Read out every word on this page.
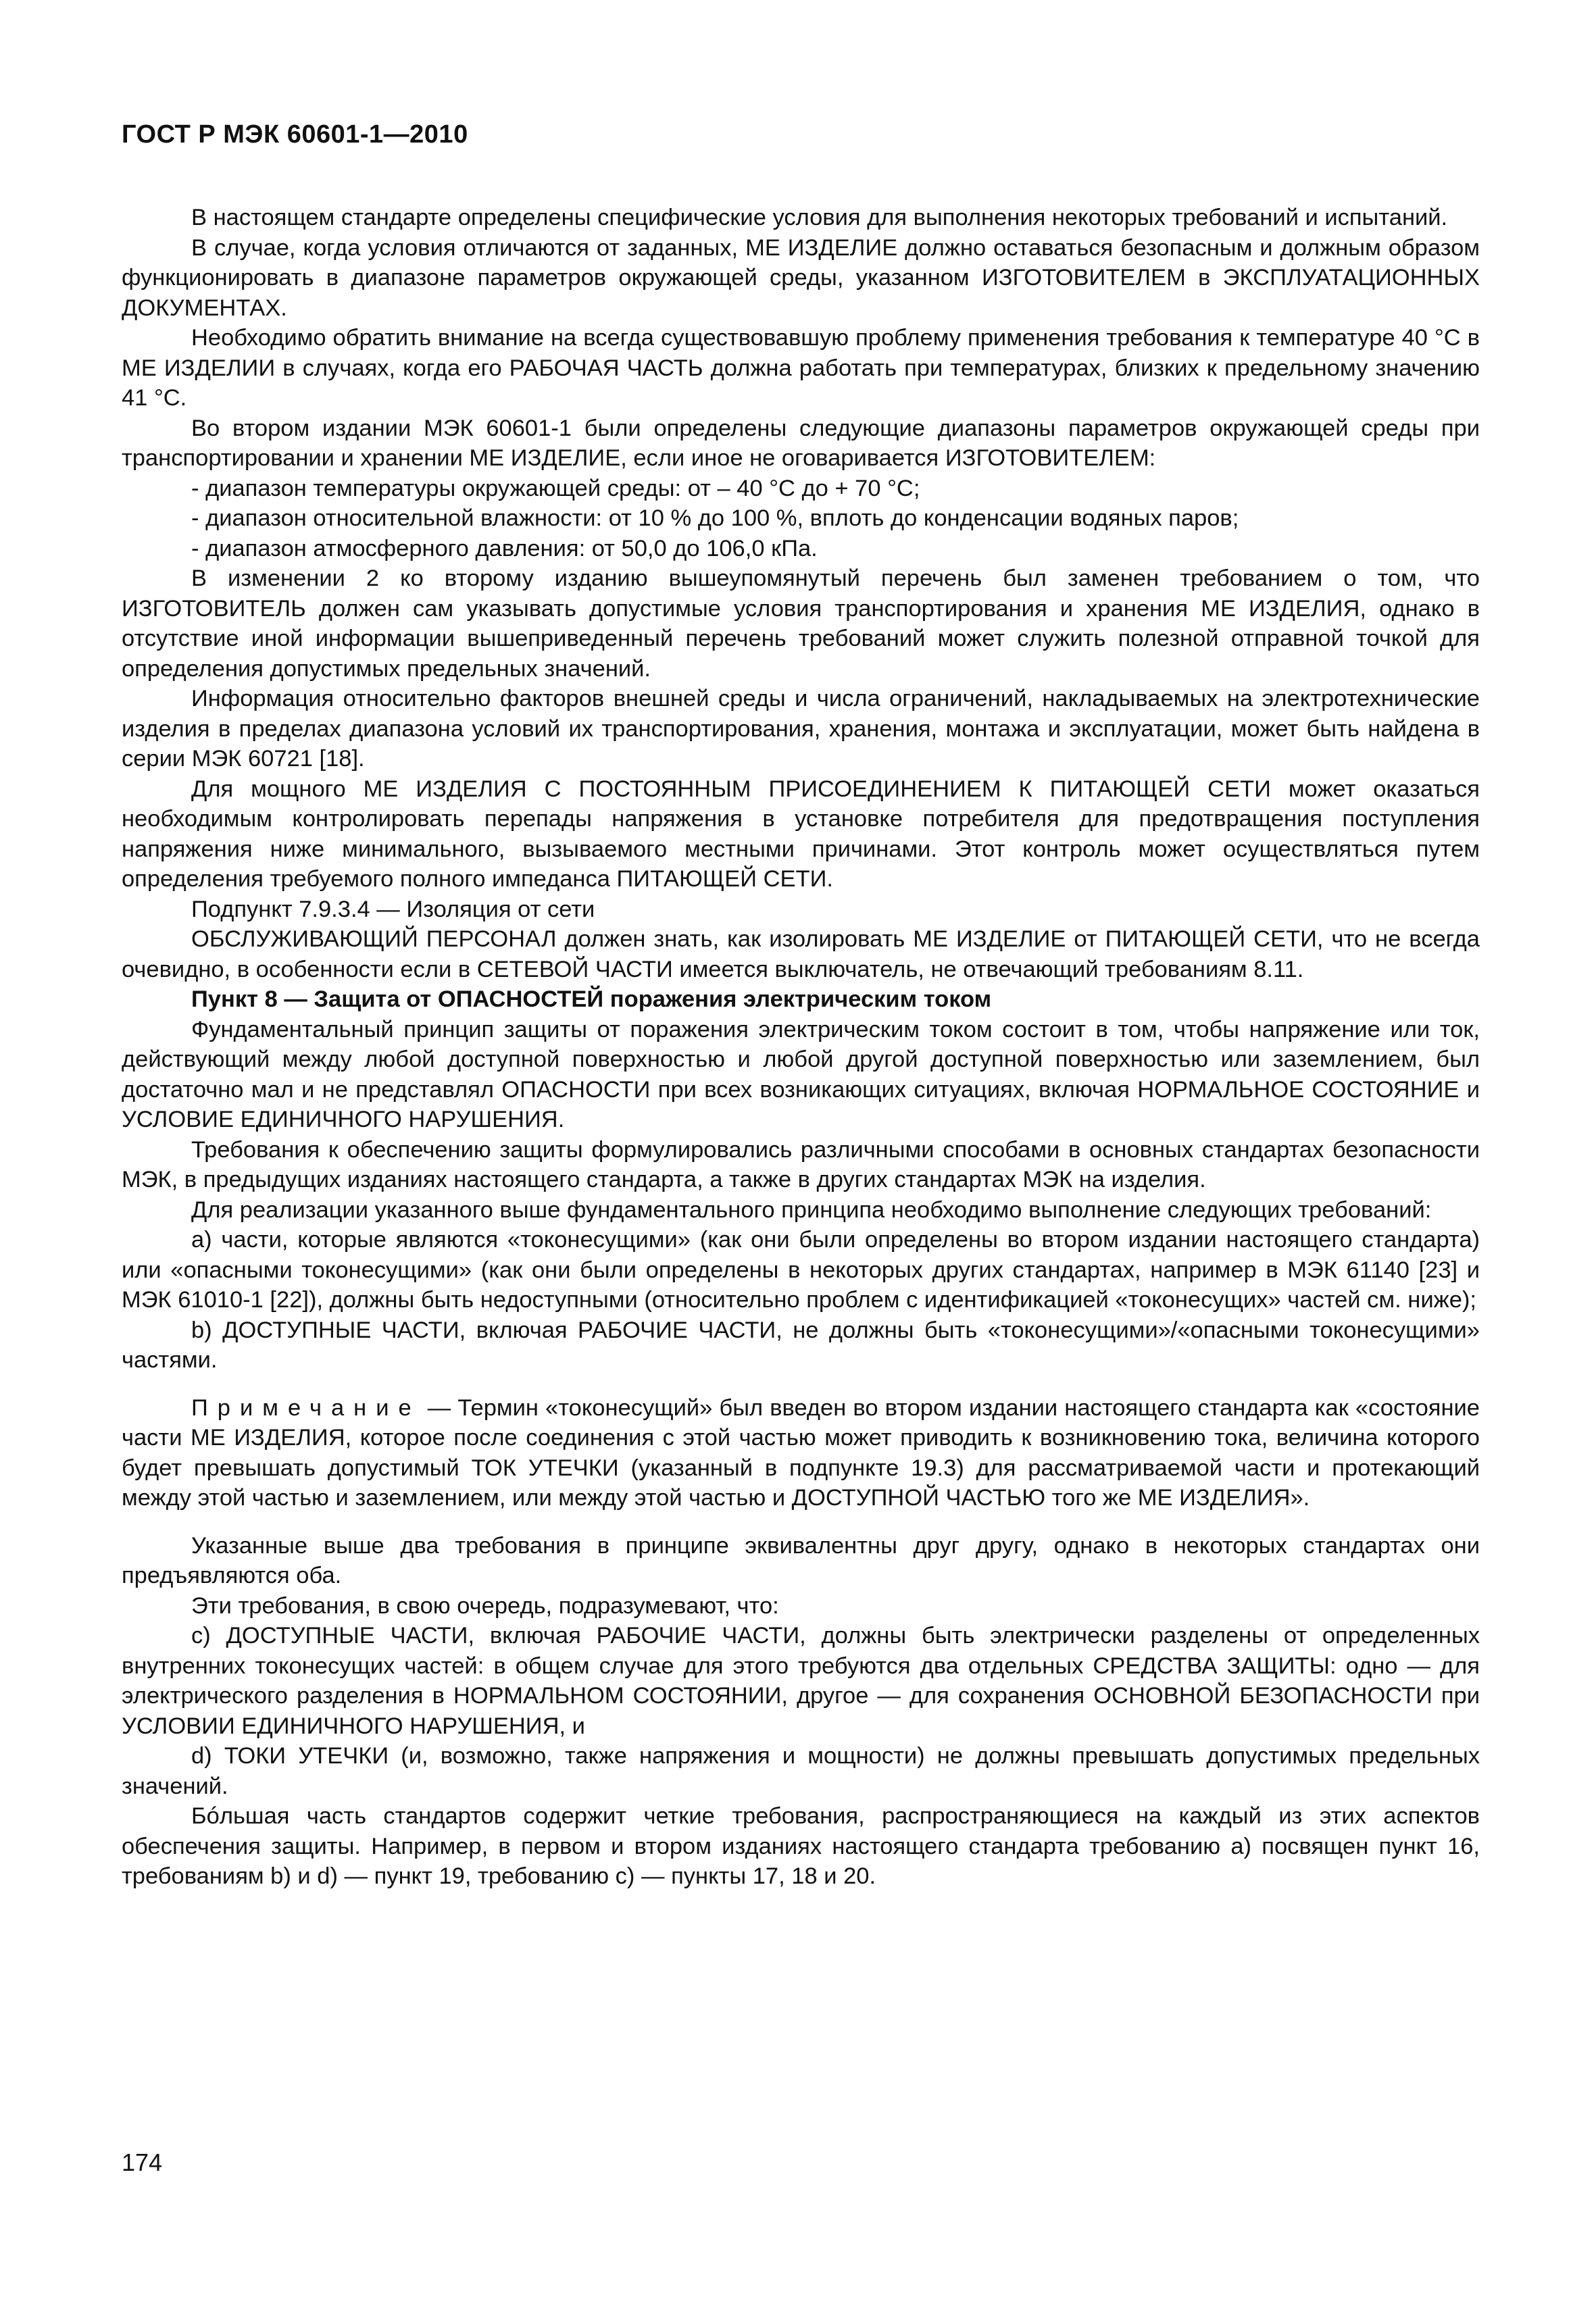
ГОСТ Р МЭК 60601-1—2010

В настоящем стандарте определены специфические условия для выполнения некоторых требований и испытаний.

В случае, когда условия отличаются от заданных, МЕ ИЗДЕЛИЕ должно оставаться безопасным и должным образом функционировать в диапазоне параметров окружающей среды, указанном ИЗГОТОВИТЕЛЕМ в ЭКСПЛУАТАЦИОННЫХ ДОКУМЕНТАХ.

Необходимо обратить внимание на всегда существовавшую проблему применения требования к температуре 40 °С в МЕ ИЗДЕЛИИ в случаях, когда его РАБОЧАЯ ЧАСТЬ должна работать при температурах, близких к предельному значению 41 °С.

Во втором издании МЭК 60601-1 были определены следующие диапазоны параметров окружающей среды при транспортировании и хранении МЕ ИЗДЕЛИЕ, если иное не оговаривается ИЗГОТОВИТЕЛЕМ:

- диапазон температуры окружающей среды: от – 40 °С до + 70 °С;

- диапазон относительной влажности: от 10 % до 100 %, вплоть до конденсации водяных паров;

- диапазон атмосферного давления: от 50,0 до 106,0 кПа.

В изменении 2 ко второму изданию вышеупомянутый перечень был заменен требованием о том, что ИЗГОТОВИТЕЛЬ должен сам указывать допустимые условия транспортирования и хранения МЕ ИЗДЕЛИЯ, однако в отсутствие иной информации вышеприведенный перечень требований может служить полезной отправной точкой для определения допустимых предельных значений.

Информация относительно факторов внешней среды и числа ограничений, накладываемых на электротехнические изделия в пределах диапазона условий их транспортирования, хранения, монтажа и эксплуатации, может быть найдена в серии МЭК 60721 [18].

Для мощного МЕ ИЗДЕЛИЯ С ПОСТОЯННЫМ ПРИСОЕДИНЕНИЕМ К ПИТАЮЩЕЙ СЕТИ может оказаться необходимым контролировать перепады напряжения в установке потребителя для предотвращения поступления напряжения ниже минимального, вызываемого местными причинами. Этот контроль может осуществляться путем определения требуемого полного импеданса ПИТАЮЩЕЙ СЕТИ.

Подпункт 7.9.3.4 — Изоляция от сети

ОБСЛУЖИВАЮЩИЙ ПЕРСОНАЛ должен знать, как изолировать МЕ ИЗДЕЛИЕ от ПИТАЮЩЕЙ СЕТИ, что не всегда очевидно, в особенности если в СЕТЕВОЙ ЧАСТИ имеется выключатель, не отвечающий требованиям 8.11.

Пункт 8 — Защита от ОПАСНОСТЕЙ поражения электрическим током

Фундаментальный принцип защиты от поражения электрическим током состоит в том, чтобы напряжение или ток, действующий между любой доступной поверхностью и любой другой доступной поверхностью или заземлением, был достаточно мал и не представлял ОПАСНОСТИ при всех возникающих ситуациях, включая НОРМАЛЬНОЕ СОСТОЯНИЕ и УСЛОВИЕ ЕДИНИЧНОГО НАРУШЕНИЯ.

Требования к обеспечению защиты формулировались различными способами в основных стандартах безопасности МЭК, в предыдущих изданиях настоящего стандарта, а также в других стандартах МЭК на изделия.

Для реализации указанного выше фундаментального принципа необходимо выполнение следующих требований:

a) части, которые являются «токонесущими» (как они были определены во втором издании настоящего стандарта) или «опасными токонесущими» (как они были определены в некоторых других стандартах, например в МЭК 61140 [23] и МЭК 61010-1 [22]), должны быть недоступными (относительно проблем с идентификацией «токонесущих» частей см. ниже);

b) ДОСТУПНЫЕ ЧАСТИ, включая РАБОЧИЕ ЧАСТИ, не должны быть «токонесущими»/«опасными токонесущими» частями.

Примечание — Термин «токонесущий» был введен во втором издании настоящего стандарта как «состояние части МЕ ИЗДЕЛИЯ, которое после соединения с этой частью может приводить к возникновению тока, величина которого будет превышать допустимый ТОК УТЕЧКИ (указанный в подпункте 19.3) для рассматриваемой части и протекающий между этой частью и заземлением, или между этой частью и ДОСТУПНОЙ ЧАСТЬЮ того же МЕ ИЗДЕЛИЯ».

Указанные выше два требования в принципе эквивалентны друг другу, однако в некоторых стандартах они предъявляются оба.

Эти требования, в свою очередь, подразумевают, что:

c) ДОСТУПНЫЕ ЧАСТИ, включая РАБОЧИЕ ЧАСТИ, должны быть электрически разделены от определенных внутренних токонесущих частей: в общем случае для этого требуются два отдельных СРЕДСТВА ЗАЩИТЫ: одно — для электрического разделения в НОРМАЛЬНОМ СОСТОЯНИИ, другое — для сохранения ОСНОВНОЙ БЕЗОПАСНОСТИ при УСЛОВИИ ЕДИНИЧНОГО НАРУШЕНИЯ, и

d) ТОКИ УТЕЧКИ (и, возможно, также напряжения и мощности) не должны превышать допустимых предельных значений.

Бóльшая часть стандартов содержит четкие требования, распространяющиеся на каждый из этих аспектов обеспечения защиты. Например, в первом и втором изданиях настоящего стандарта требованию а) посвящен пункт 16, требованиям b) и d) — пункт 19, требованию с) — пункты 17, 18 и 20.

174
